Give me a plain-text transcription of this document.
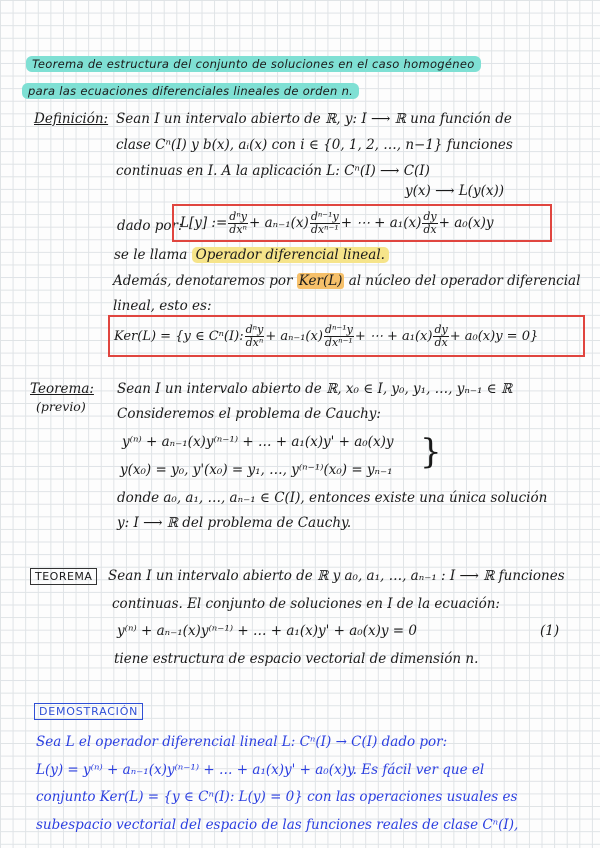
Teorema de estructura del conjunto de soluciones en el caso homogéneo
para las ecuaciones diferenciales lineales de orden n.
Definición: Sean I un intervalo abierto de ℝ, y: I ⟶ ℝ una función de
clase Cⁿ(I) y b(x), aᵢ(x) con i ∈ {0, 1, 2, …, n−1} funciones
continuas en I. A la aplicación L: Cⁿ(I) ⟶ C(I)
y(x) ⟶ L(y(x))
dado por:
L[y] := $\frac{\text{dⁿy}}{\text{dxⁿ}} + a_{n-1}(x) \frac{\text{dⁿ⁻¹y}}{\text{dxⁿ⁻¹}}$ + ⋯ + $a_1(x) \frac{dy}{dx} + a_0(x)y$
se le llama Operador diferencial lineal.
Además, denotaremos por Ker(L) al núcleo del operador diferencial
lineal, esto es:
Ker(L) = {y ∈ Cⁿ(I): $\frac{\text{dⁿy}}{\text{dxⁿ}} + a_{n-1}(x) \frac{\text{dⁿ⁻¹y}}{\text{dxⁿ⁻¹}}$ + ⋯ + $a_1(x) \frac{dy}{dx} + a_0(x)y = 0$}
Teorema:
(previo)
Sean I un intervalo abierto de ℝ, x₀ ∈ I, y₀, y₁, …, yₙ₋₁ ∈ ℝ
Consideremos el problema de Cauchy:
y⁽ⁿ⁾ + aₙ₋₁(x)y⁽ⁿ⁻¹⁾ + … + a₁(x)y' + a₀(x)y
y(x₀) = y₀, y'(x₀) = y₁, …, y⁽ⁿ⁻¹⁾(x₀) = yₙ₋₁ }
donde a₀, a₁, …, aₙ₋₁ ∈ C(I), entonces existe una única solución
y: I ⟶ ℝ del problema de Cauchy.
TEOREMA	Sean I un intervalo abierto de ℝ y a₀, a₁, …, aₙ₋₁ : I ⟶ ℝ funciones
continuas. El conjunto de soluciones en I de la ecuación:
y⁽ⁿ⁾ + aₙ₋₁(x)y⁽ⁿ⁻¹⁾ + … + a₁(x)y' + a₀(x)y = 0	(1)
tiene estructura de espacio vectorial de dimensión n.
DEMOSTRACIÓN
Sea L el operador diferencial lineal L: Cⁿ(I) → C(I) dado por:
L(y) = y⁽ⁿ⁾ + aₙ₋₁(x)y⁽ⁿ⁻¹⁾ + … + a₁(x)y' + a₀(x)y. Es fácil ver que el
conjunto Ker(L) = {y ∈ Cⁿ(I): L(y) = 0} con las operaciones usuales es
subespacio vectorial del espacio de las funciones reales de clase Cⁿ(I),
